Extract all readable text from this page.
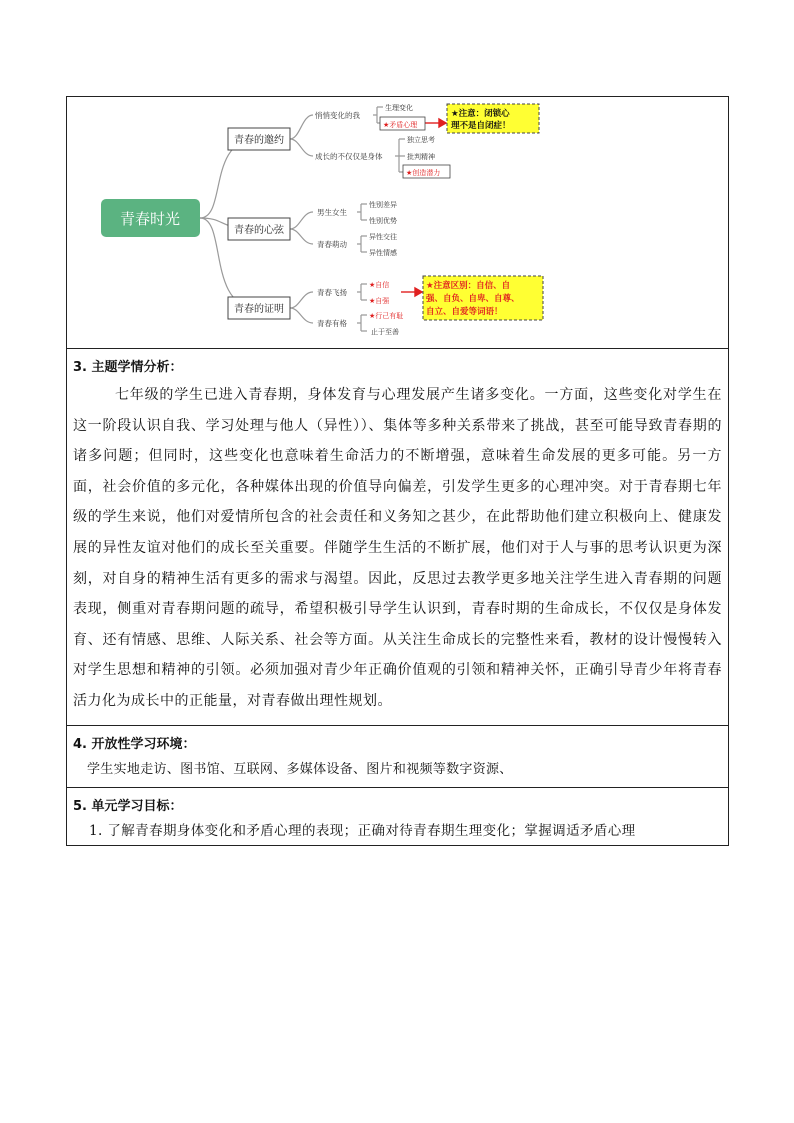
青春时光
青春的邀约
青春的心弦
青春的证明
悄悄变化的我
成长的不仅仅是身体
男生女生
青春萌动
青春飞扬
青春有格
生理变化
★矛盾心理
独立思考
批判精神
★创造潜力
性别差异
性别优势
异性交往
异性情感
★自信
★自强
★行己有耻
止于至善
★注意：闭锁心
理不是自闭症！
★注意区别：自信、自
强、自负、自卑、自尊、
自立、自爱等词语！
3. 主题学情分析：
七年级的学生已进入青春期，身体发育与心理发展产生诸多变化。一方面，这些变化对学生在这一阶段认识自我、学习处理与他人（异性））、集体等多种关系带来了挑战，甚至可能导致青春期的诸多问题；但同时，这些变化也意味着生命活力的不断增强，意味着生命发展的更多可能。另一方面，社会价值的多元化，各种媒体出现的价值导向偏差，引发学生更多的心理冲突。对于青春期七年级的学生来说，他们对爱情所包含的社会责任和义务知之甚少，在此帮助他们建立积极向上、健康发展的异性友谊对他们的成长至关重要。伴随学生生活的不断扩展，他们对于人与事的思考认识更为深刻，对自身的精神生活有更多的需求与渴望。因此，反思过去教学更多地关注学生进入青春期的问题表现，侧重对青春期问题的疏导，希望积极引导学生认识到，青春时期的生命成长，不仅仅是身体发育、还有情感、思维、人际关系、社会等方面。从关注生命成长的完整性来看，教材的设计慢慢转入对学生思想和精神的引领。必须加强对青少年正确价值观的引领和精神关怀，正确引导青少年将青春活力化为成长中的正能量，对青春做出理性规划。
4. 开放性学习环境：
学生实地走访、图书馆、互联网、多媒体设备、图片和视频等数字资源、
5. 单元学习目标：
1. 了解青春期身体变化和矛盾心理的表现；正确对待青春期生理变化；掌握调适矛盾心理
